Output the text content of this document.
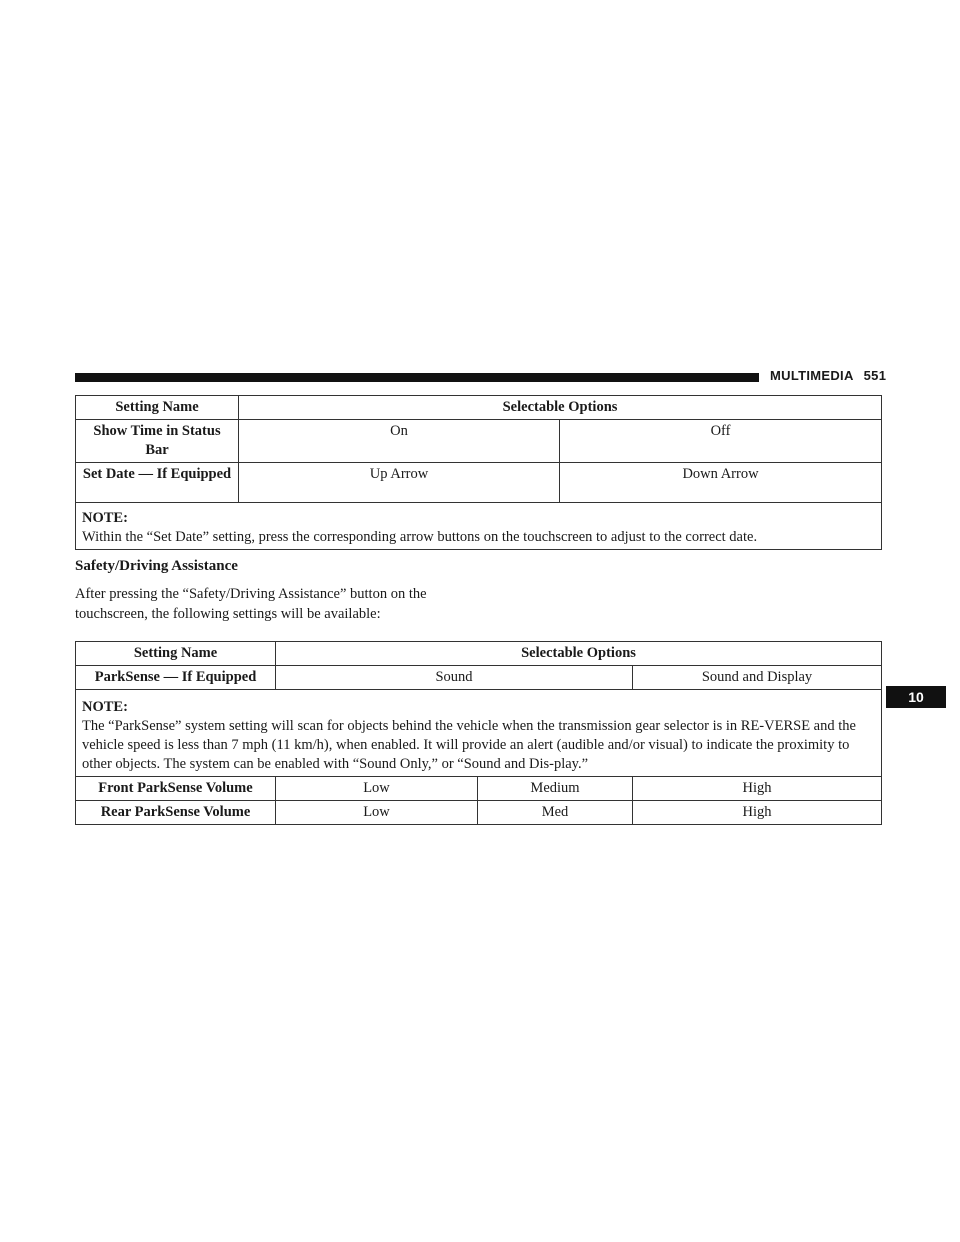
MULTIMEDIA 551
Setting Name	Selectable Options	
Show Time in Status Bar	On	Off
Set Date — If Equipped	Up Arrow	Down Arrow

NOTE:
Within the “Set Date” setting, press the corresponding arrow buttons on the touchscreen to adjust to the correct date.		
Safety/Driving Assistance
After pressing the “Safety/Driving Assistance” button on the touchscreen, the following settings will be available:
Setting Name	Selectable Options		
ParkSense — If Equipped	Sound		Sound and Display

NOTE:
The “ParkSense” system setting will scan for objects behind the vehicle when the transmission gear selector is in RE-VERSE and the vehicle speed is less than 7 mph (11 km/h), when enabled. It will provide an alert (audible and/or visual) to indicate the proximity to other objects. The system can be enabled with “Sound Only,” or “Sound and Dis-play.”			
Front ParkSense Volume	Low	Medium	High
Rear ParkSense Volume	Low	Med	High
10
